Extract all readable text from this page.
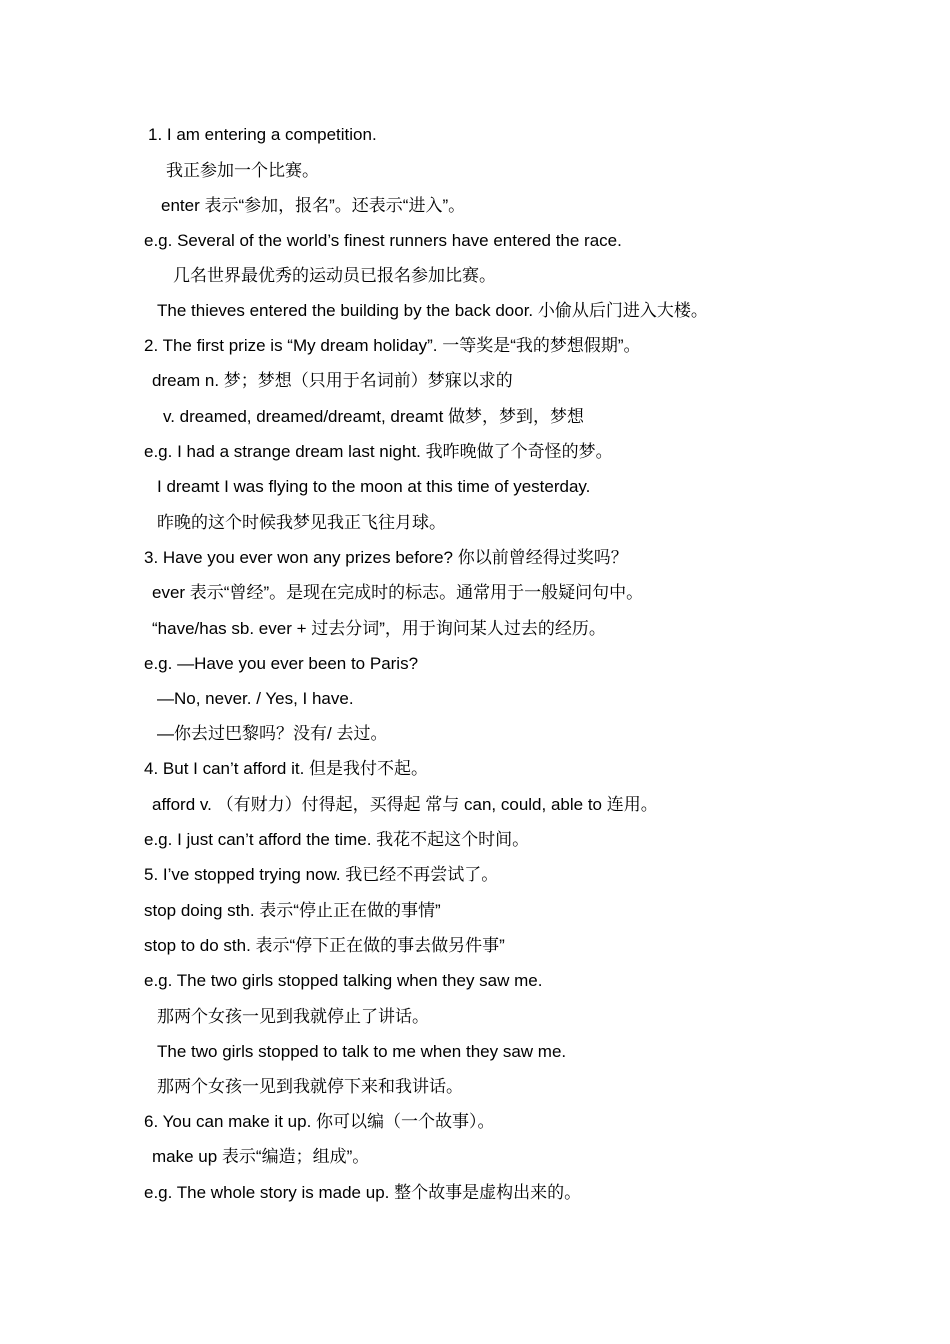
1. I am entering a competition.
我正参加一个比赛。
enter 表示“参加，报名”。还表示“进入”。
e.g. Several of the world’s finest runners have entered the race.
几名世界最优秀的运动员已报名参加比赛。
The thieves entered the building by the back door. 小偷从后门进入大楼。
2. The first prize is “My dream holiday”. 一等奖是“我的梦想假期”。
dream n. 梦；梦想（只用于名词前）梦寐以求的
v. dreamed, dreamed/dreamt, dreamt 做梦，梦到，梦想
e.g. I had a strange dream last night. 我昨晚做了个奇怪的梦。
I dreamt I was flying to the moon at this time of yesterday.
昨晚的这个时候我梦见我正飞往月球。
3. Have you ever won any prizes before? 你以前曾经得过奖吗？
ever 表示“曾经”。是现在完成时的标志。通常用于一般疑问句中。
“have/has sb. ever + 过去分词”，用于询问某人过去的经历。
e.g. —Have you ever been to Paris?
—No, never. / Yes, I have.
—你去过巴黎吗？没有/ 去过。
4. But I can’t afford it. 但是我付不起。
afford v. （有财力）付得起，买得起 常与 can, could, able to 连用。
e.g. I just can’t afford the time. 我花不起这个时间。
5. I’ve stopped trying now. 我已经不再尝试了。
stop doing sth. 表示“停止正在做的事情”
stop to do sth. 表示“停下正在做的事去做另件事”
e.g. The two girls stopped talking when they saw me.
那两个女孩一见到我就停止了讲话。
The two girls stopped to talk to me when they saw me.
那两个女孩一见到我就停下来和我讲话。
6. You can make it up. 你可以编（一个故事）。
make up 表示“编造；组成”。
e.g. The whole story is made up. 整个故事是虚构出来的。
